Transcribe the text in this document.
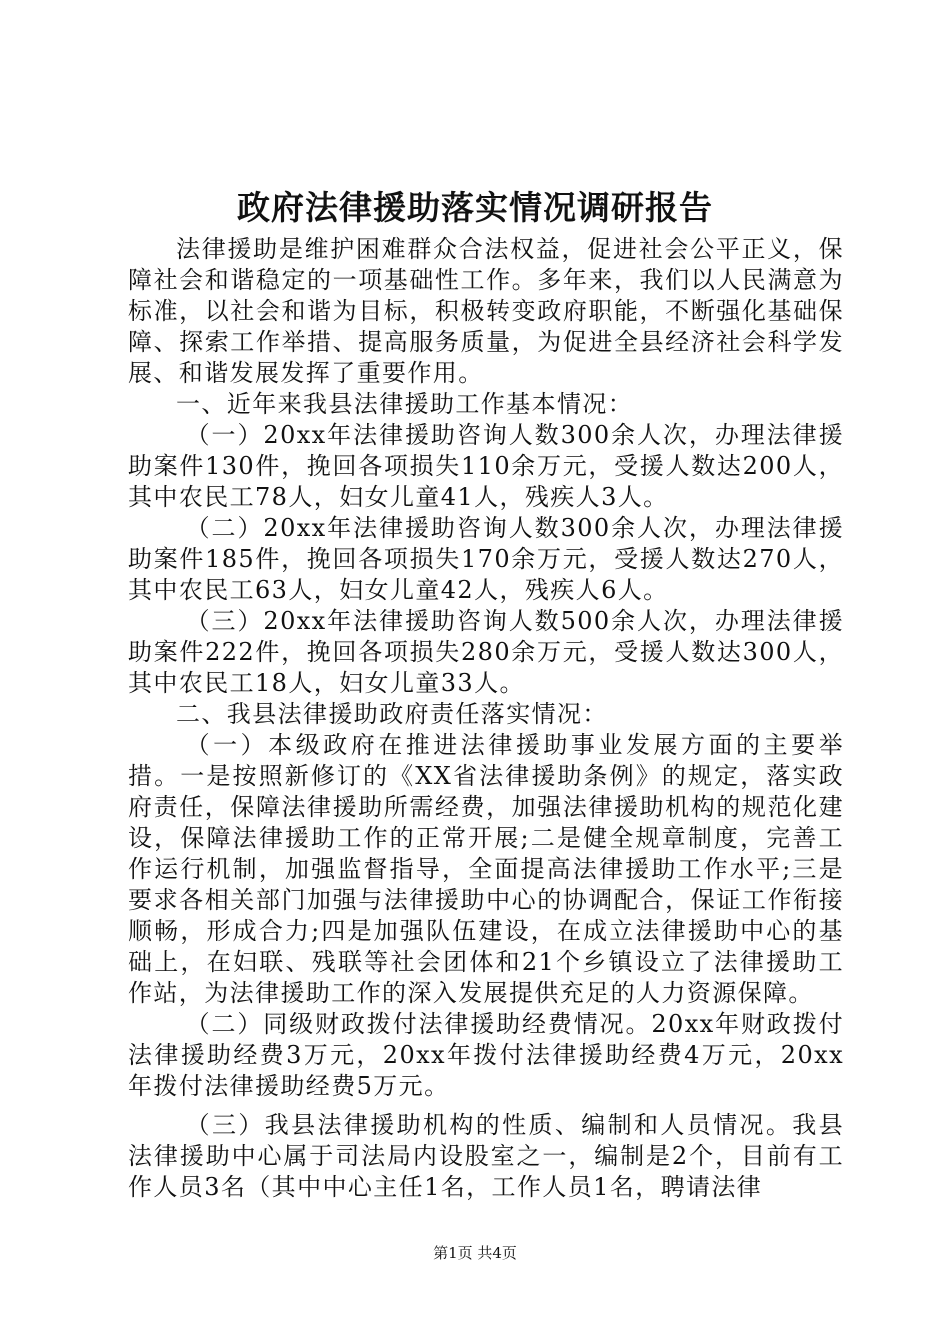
政府法律援助落实情况调研报告

法律援助是维护困难群众合法权益，促进社会公平正义，保障社会和谐稳定的一项基础性工作。多年来，我们以人民满意为标准，以社会和谐为目标，积极转变政府职能，不断强化基础保障、探索工作举措、提高服务质量，为促进全县经济社会科学发展、和谐发展发挥了重要作用。

一、近年来我县法律援助工作基本情况：

（一）20xx年法律援助咨询人数300余人次，办理法律援助案件130件，挽回各项损失110余万元，受援人数达200人，其中农民工78人，妇女儿童41人，残疾人3人。

（二）20xx年法律援助咨询人数300余人次，办理法律援助案件185件，挽回各项损失170余万元，受援人数达270人，其中农民工63人，妇女儿童42人，残疾人6人。

（三）20xx年法律援助咨询人数500余人次，办理法律援助案件222件，挽回各项损失280余万元，受援人数达300人，其中农民工18人，妇女儿童33人。

二、我县法律援助政府责任落实情况：

（一）本级政府在推进法律援助事业发展方面的主要举措。一是按照新修订的《XX省法律援助条例》的规定，落实政府责任，保障法律援助所需经费，加强法律援助机构的规范化建设，保障法律援助工作的正常开展;二是健全规章制度，完善工作运行机制，加强监督指导，全面提高法律援助工作水平;三是要求各相关部门加强与法律援助中心的协调配合，保证工作衔接顺畅，形成合力;四是加强队伍建设，在成立法律援助中心的基础上，在妇联、残联等社会团体和21个乡镇设立了法律援助工作站，为法律援助工作的深入发展提供充足的人力资源保障。

（二）同级财政拨付法律援助经费情况。20xx年财政拨付法律援助经费3万元，20xx年拨付法律援助经费4万元，20xx年拨付法律援助经费5万元。

（三）我县法律援助机构的性质、编制和人员情况。我县法律援助中心属于司法局内设股室之一，编制是2个，目前有工作人员3名（其中中心主任1名，工作人员1名，聘请法律

第1页 共4页
